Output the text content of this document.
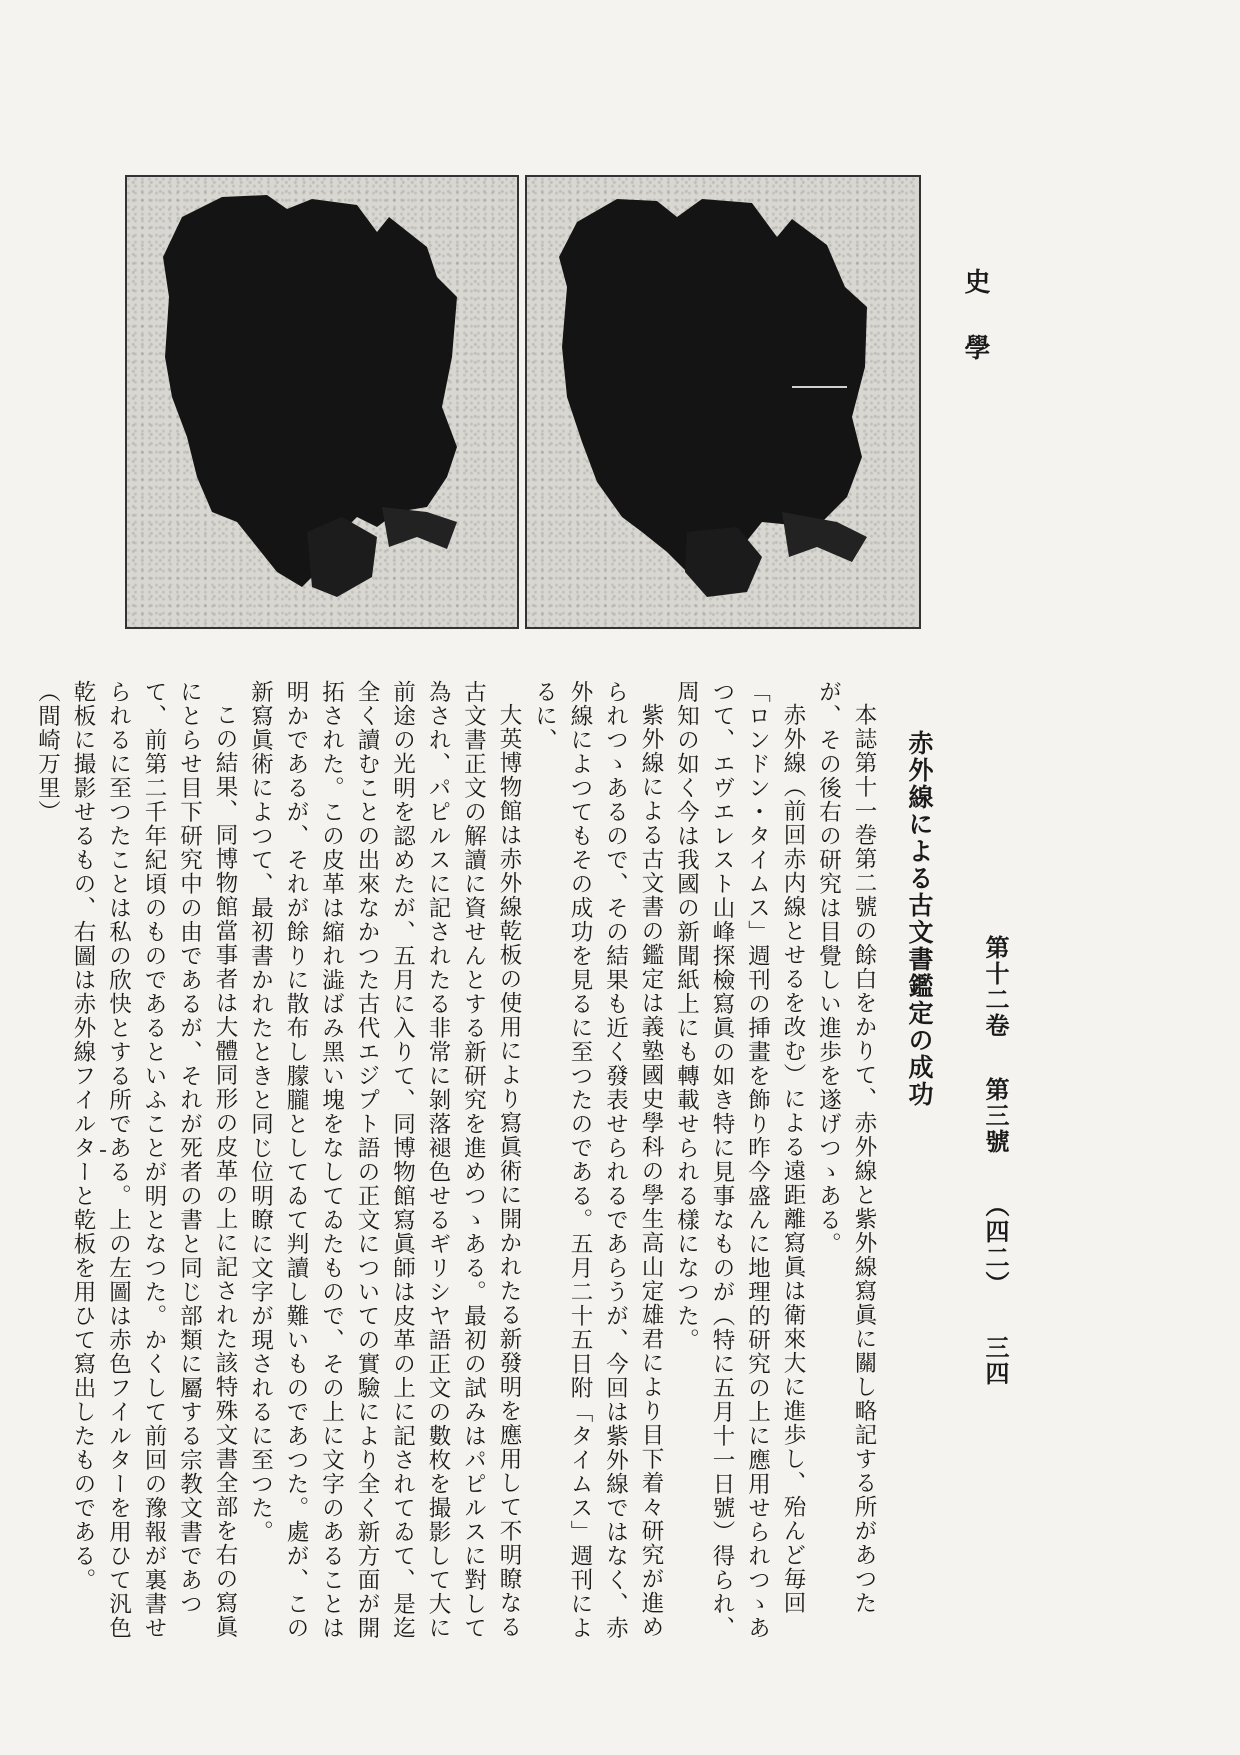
史學
第十二卷
第三號
（四二）
三四
赤外線による古文書鑑定の成功

本誌第十一巻第二號の餘白をかりて、赤外線と紫外線寫眞に關し略記する所があつたが、その後右の研究は目覺しい進歩を遂げつゝある。

赤外線（前回赤内線とせるを改む）による遠距離寫眞は衛來大に進歩し、殆んど毎回「ロンドン・タイムス」週刊の挿畫を飾り昨今盛んに地理的研究の上に應用せられつゝあつて、エヴエレスト山峰探檢寫眞の如き特に見事なものが（特に五月十一日號）得られ、周知の如く今は我國の新聞紙上にも轉載せられる樣になつた。

紫外線による古文書の鑑定は義塾國史學科の學生高山定雄君により目下着々研究が進められつゝあるので、その結果も近く發表せられるであらうが、今回は紫外線ではなく、赤外線によつてもその成功を見るに至つたのである。五月二十五日附「タイムス」週刊によるに、

大英博物館は赤外線乾板の使用により寫眞術に開かれたる新發明を應用して不明瞭なる古文書正文の解讀に資せんとする新研究を進めつゝある。最初の試みはパピルスに對して為され、パピルスに記されたる非常に剝落褪色せるギリシヤ語正文の數枚を撮影して大に前途の光明を認めたが、五月に入りて、同博物館寫眞師は皮革の上に記されてゐて、是迄全く讀むことの出來なかつた古代エジプト語の正文についての實驗により全く新方面が開拓された。この皮革は縮れ澁ばみ黑い塊をなしてゐたもので、その上に文字のあることは明かであるが、それが餘りに散布し朦朧としてゐて判讀し難いものであつた。處が、この新寫眞術によつて、最初書かれたときと同じ位明瞭に文字が現されるに至つた。

この結果、同博物館當事者は大體同形の皮革の上に記された該特殊文書全部を右の寫眞にとらせ目下研究中の由であるが、それが死者の書と同じ部類に屬する宗教文書であつて、前第二千年紀頃のものであるといふことが明となつた。かくして前回の豫報が裏書せられるに至つたことは私の欣快とする所である。上の左圖は赤色フイルターを用ひて汎色乾板に撮影せるもの、右圖は赤外線フイルターと乾板を用ひて寫出したものである。

（間崎万里）
